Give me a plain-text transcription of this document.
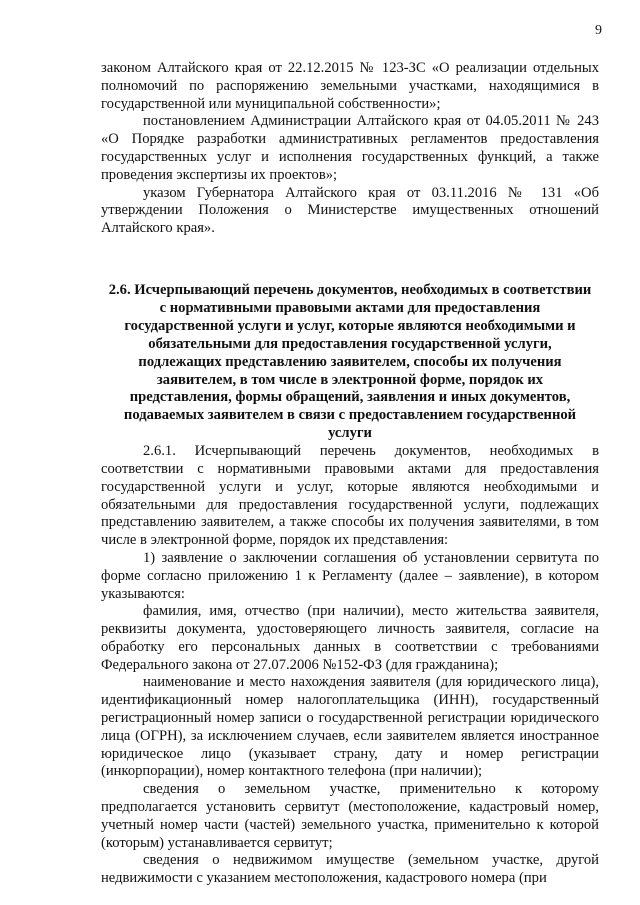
9

законом Алтайского края от 22.12.2015 № 123-ЗС «О реализации отдельных полномочий по распоряжению земельными участками, находящимися в государственной или муниципальной собственности»;

постановлением Администрации Алтайского края от 04.05.2011 № 243 «О Порядке разработки административных регламентов предоставления государственных услуг и исполнения государственных функций, а также проведения экспертизы их проектов»;

указом Губернатора Алтайского края от 03.11.2016 № 131 «Об утверждении Положения о Министерстве имущественных отношений Алтайского края».

2.6. Исчерпывающий перечень документов, необходимых в соответствии с нормативными правовыми актами для предоставления государственной услуги и услуг, которые являются необходимыми и обязательными для предоставления государственной услуги, подлежащих представлению заявителем, способы их получения заявителем, в том числе в электронной форме, порядок их представления, формы обращений, заявления и иных документов, подаваемых заявителем в связи с предоставлением государственной услуги

2.6.1. Исчерпывающий перечень документов, необходимых в соответствии с нормативными правовыми актами для предоставления государственной услуги и услуг, которые являются необходимыми и обязательными для предоставления государственной услуги, подлежащих представлению заявителем, а также способы их получения заявителями, в том числе в электронной форме, порядок их представления:

1) заявление о заключении соглашения об установлении сервитута по форме согласно приложению 1 к Регламенту (далее – заявление), в котором указываются:

фамилия, имя, отчество (при наличии), место жительства заявителя, реквизиты документа, удостоверяющего личность заявителя, согласие на обработку его персональных данных в соответствии с требованиями Федерального закона от 27.07.2006 №152-ФЗ (для гражданина);

наименование и место нахождения заявителя (для юридического лица), идентификационный номер налогоплательщика (ИНН), государственный регистрационный номер записи о государственной регистрации юридического лица (ОГРН), за исключением случаев, если заявителем является иностранное юридическое лицо (указывает страну, дату и номер регистрации (инкорпорации), номер контактного телефона (при наличии);

сведения о земельном участке, применительно к которому предполагается установить сервитут (местоположение, кадастровый номер, учетный номер части (частей) земельного участка, применительно к которой (которым) устанавливается сервитут;

сведения о недвижимом имуществе (земельном участке, другой недвижимости с указанием местоположения, кадастрового номера (при
